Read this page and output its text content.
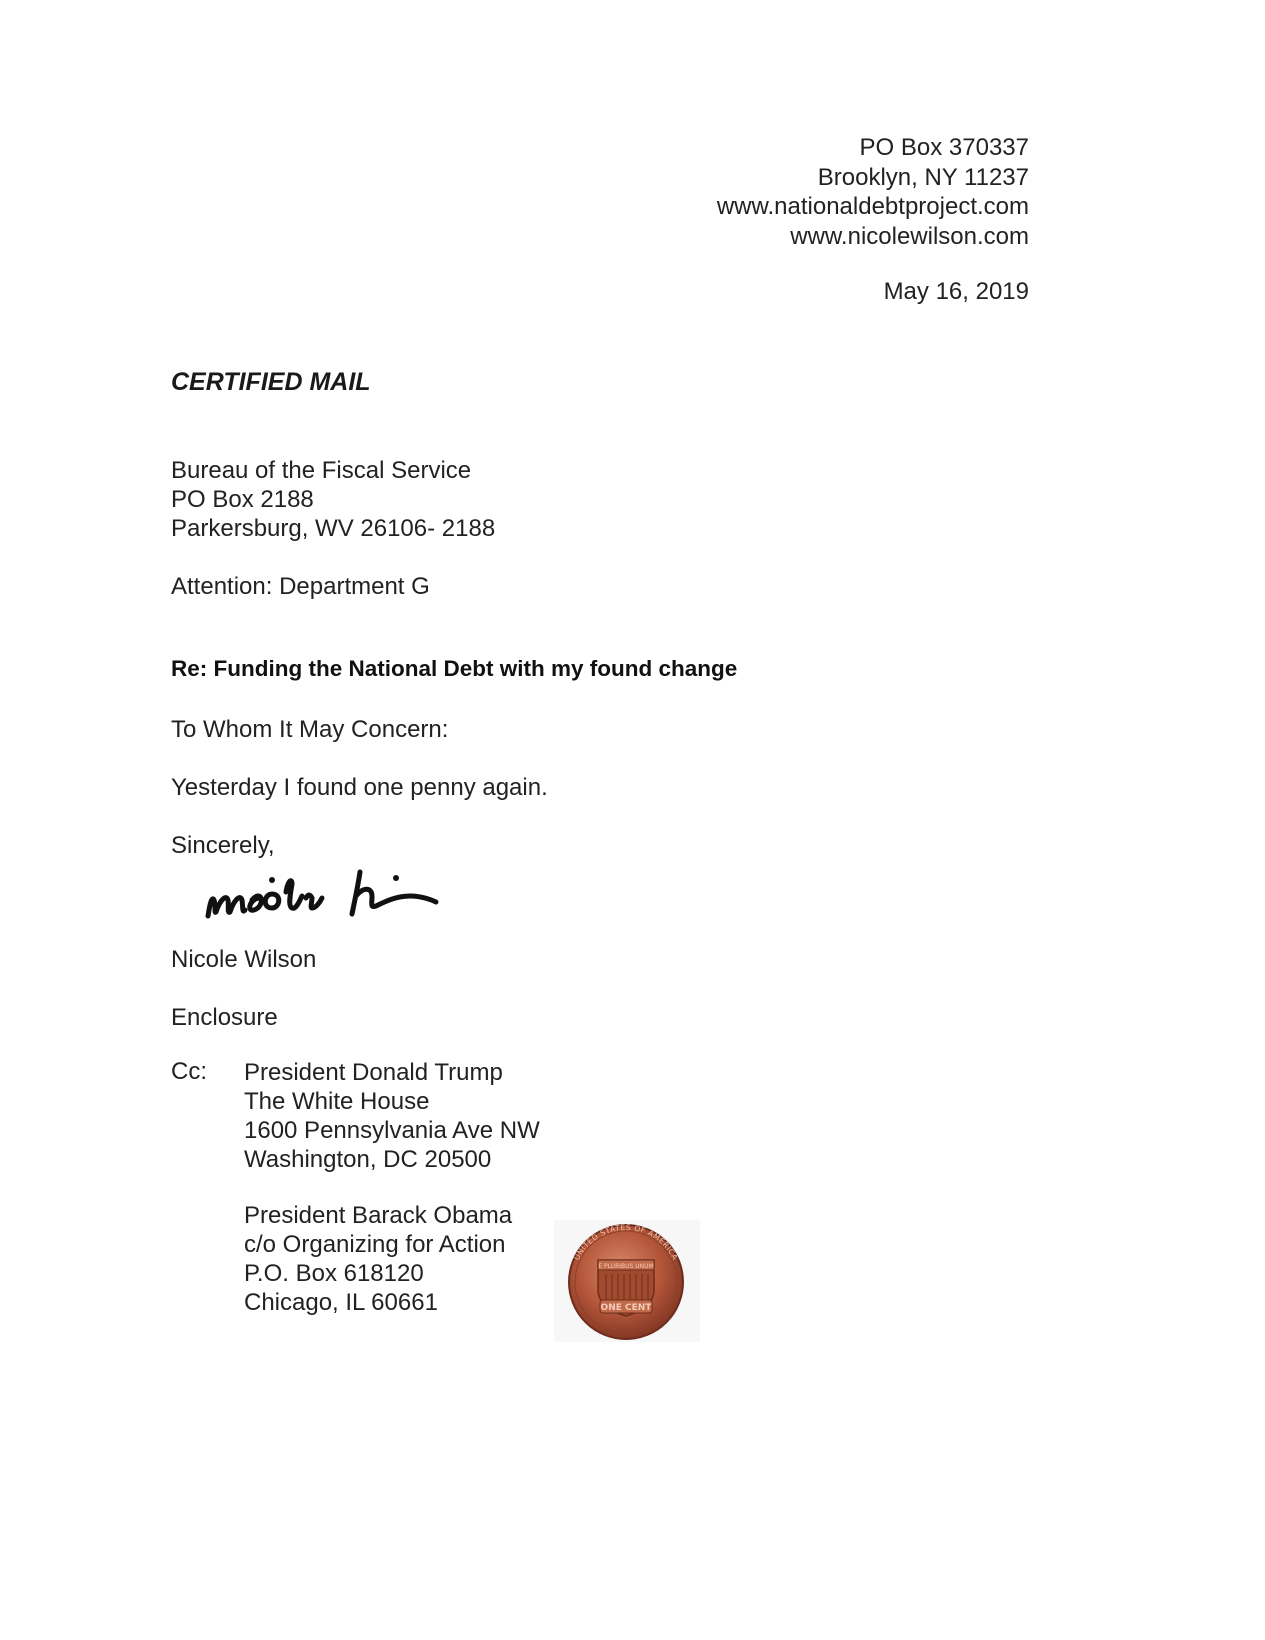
PO Box 370337
Brooklyn, NY 11237
www.nationaldebtproject.com
www.nicolewilson.com
May 16, 2019
CERTIFIED MAIL
Bureau of the Fiscal Service
PO Box 2188
Parkersburg, WV 26106- 2188
Attention: Department G
Re: Funding the National Debt with my found change
To Whom It May Concern:
Yesterday I found one penny again.
Sincerely,
Nicole Wilson
Enclosure
Cc: President Donald Trump
The White House
1600 Pennsylvania Ave NW
Washington, DC 20500
President Barack Obama
c/o Organizing for Action
P.O. Box 618120
Chicago, IL 60661
UNITED STATES OF AMERICA
E PLURIBUS UNUM
ONE CENT
